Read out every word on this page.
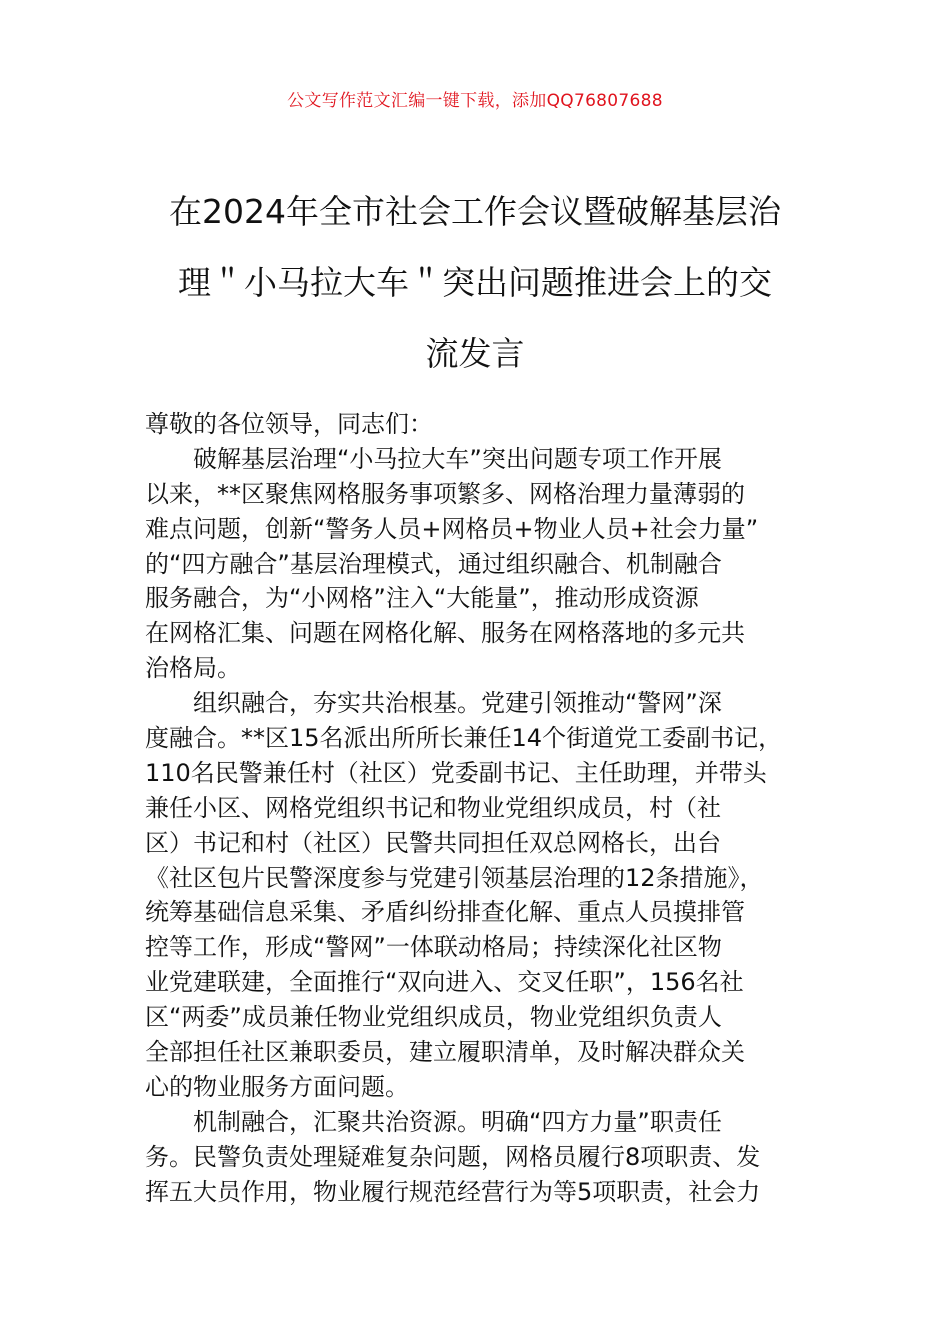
公文写作范文汇编一键下载，添加QQ76807688
在2024年全市社会工作会议暨破解基层治
理＂小马拉大车＂突出问题推进会上的交
流发言
尊敬的各位领导，同志们：
破解基层治理“小马拉大车”突出问题专项工作开展
以来，**区聚焦网格服务事项繁多、网格治理力量薄弱的
难点问题，创新“警务人员+网格员+物业人员+社会力量”
的“四方融合”基层治理模式，通过组织融合、机制融合
服务融合，为“小网格”注入“大能量”，推动形成资源
在网格汇集、问题在网格化解、服务在网格落地的多元共
治格局。
组织融合，夯实共治根基。党建引领推动“警网”深
度融合。**区15名派出所所长兼任14个街道党工委副书记，
110名民警兼任村（社区）党委副书记、主任助理，并带头
兼任小区、网格党组织书记和物业党组织成员，村（社
区）书记和村（社区）民警共同担任双总网格长，出台
《社区包片民警深度参与党建引领基层治理的12条措施》，
统筹基础信息采集、矛盾纠纷排查化解、重点人员摸排管
控等工作，形成“警网”一体联动格局；持续深化社区物
业党建联建，全面推行“双向进入、交叉任职”，156名社
区“两委”成员兼任物业党组织成员，物业党组织负责人
全部担任社区兼职委员，建立履职清单，及时解决群众关
心的物业服务方面问题。
机制融合，汇聚共治资源。明确“四方力量”职责任
务。民警负责处理疑难复杂问题，网格员履行8项职责、发
挥五大员作用，物业履行规范经营行为等5项职责，社会力
